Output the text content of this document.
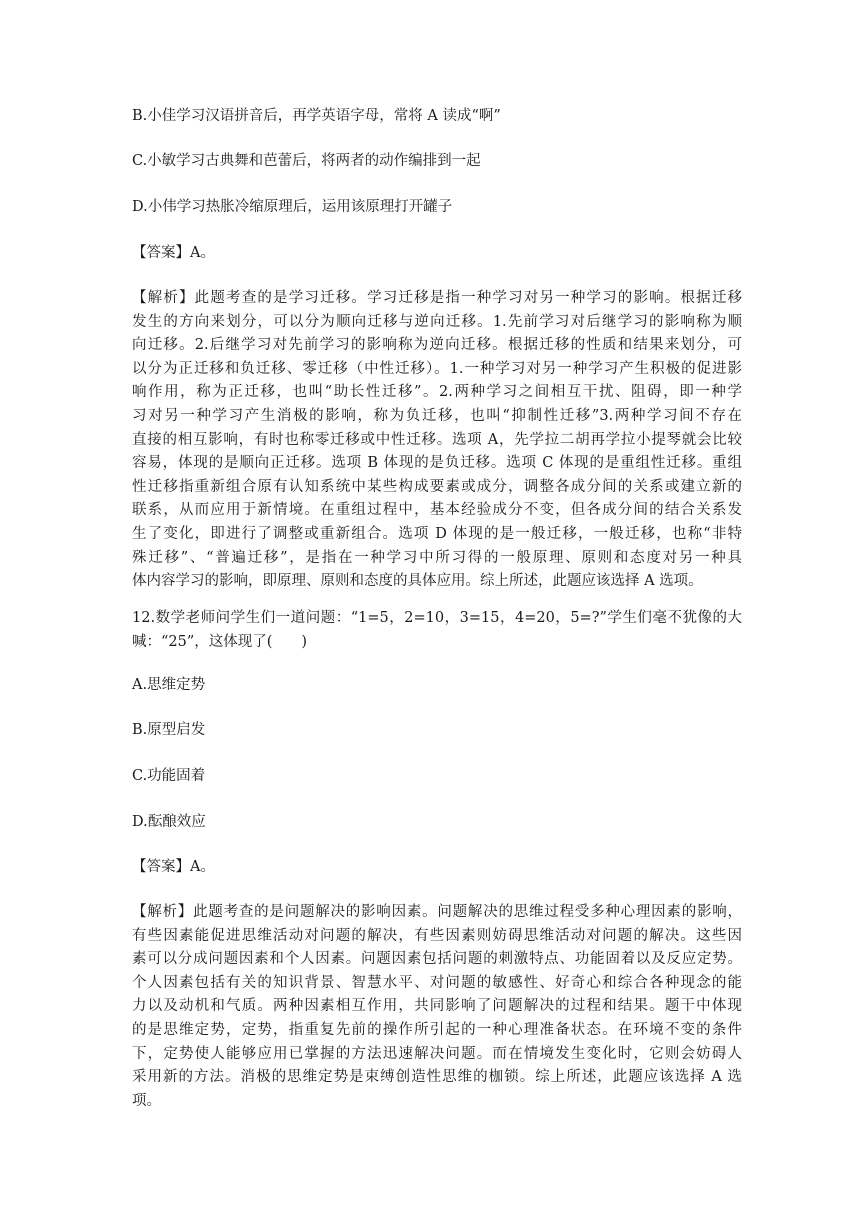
B.小佳学习汉语拼音后，再学英语字母，常将 A 读成“啊”
C.小敏学习古典舞和芭蕾后，将两者的动作编排到一起
D.小伟学习热胀冷缩原理后，运用该原理打开罐子
【答案】A。
【解析】此题考查的是学习迁移。学习迁移是指一种学习对另一种学习的影响。根据迁移
发生的方向来划分，可以分为顺向迁移与逆向迁移。1.先前学习对后继学习的影响称为顺
向迁移。2.后继学习对先前学习的影响称为逆向迁移。根据迁移的性质和结果来划分，可
以分为正迁移和负迁移、零迁移（中性迁移）。1.一种学习对另一种学习产生积极的促进影
响作用，称为正迁移，也叫“助长性迁移”。2.两种学习之间相互干扰、阻碍，即一种学
习对另一种学习产生消极的影响，称为负迁移，也叫“抑制性迁移”3.两种学习间不存在
直接的相互影响，有时也称零迁移或中性迁移。选项 A，先学拉二胡再学拉小提琴就会比较
容易，体现的是顺向正迁移。选项 B 体现的是负迁移。选项 C 体现的是重组性迁移。重组
性迁移指重新组合原有认知系统中某些构成要素或成分，调整各成分间的关系或建立新的
联系，从而应用于新情境。在重组过程中，基本经验成分不变，但各成分间的结合关系发
生了变化，即进行了调整或重新组合。选项 D 体现的是一般迁移，一般迁移，也称“非特
殊迁移”、“普遍迁移”，是指在一种学习中所习得的一般原理、原则和态度对另一种具
体内容学习的影响，即原理、原则和态度的具体应用。综上所述，此题应该选择 A 选项。
12.数学老师问学生们一道问题：“1=5，2=10，3=15，4=20，5=?”学生们毫不犹像的大
喊：“25”，这体现了(　　)
A.思维定势
B.原型启发
C.功能固着
D.酝酿效应
【答案】A。
【解析】此题考查的是问题解决的影响因素。问题解决的思维过程受多种心理因素的影响，
有些因素能促进思维活动对问题的解决，有些因素则妨碍思维活动对问题的解决。这些因
素可以分成问题因素和个人因素。问题因素包括问题的刺激特点、功能固着以及反应定势。
个人因素包括有关的知识背景、智慧水平、对问题的敏感性、好奇心和综合各种现念的能
力以及动机和气质。两种因素相互作用，共同影响了问题解决的过程和结果。题干中体现
的是思维定势，定势，指重复先前的操作所引起的一种心理准备状态。在环境不变的条件
下，定势使人能够应用已掌握的方法迅速解决问题。而在情境发生变化时，它则会妨碍人
采用新的方法。消极的思维定势是束缚创造性思维的枷锁。综上所述，此题应该选择 A 选
项。
